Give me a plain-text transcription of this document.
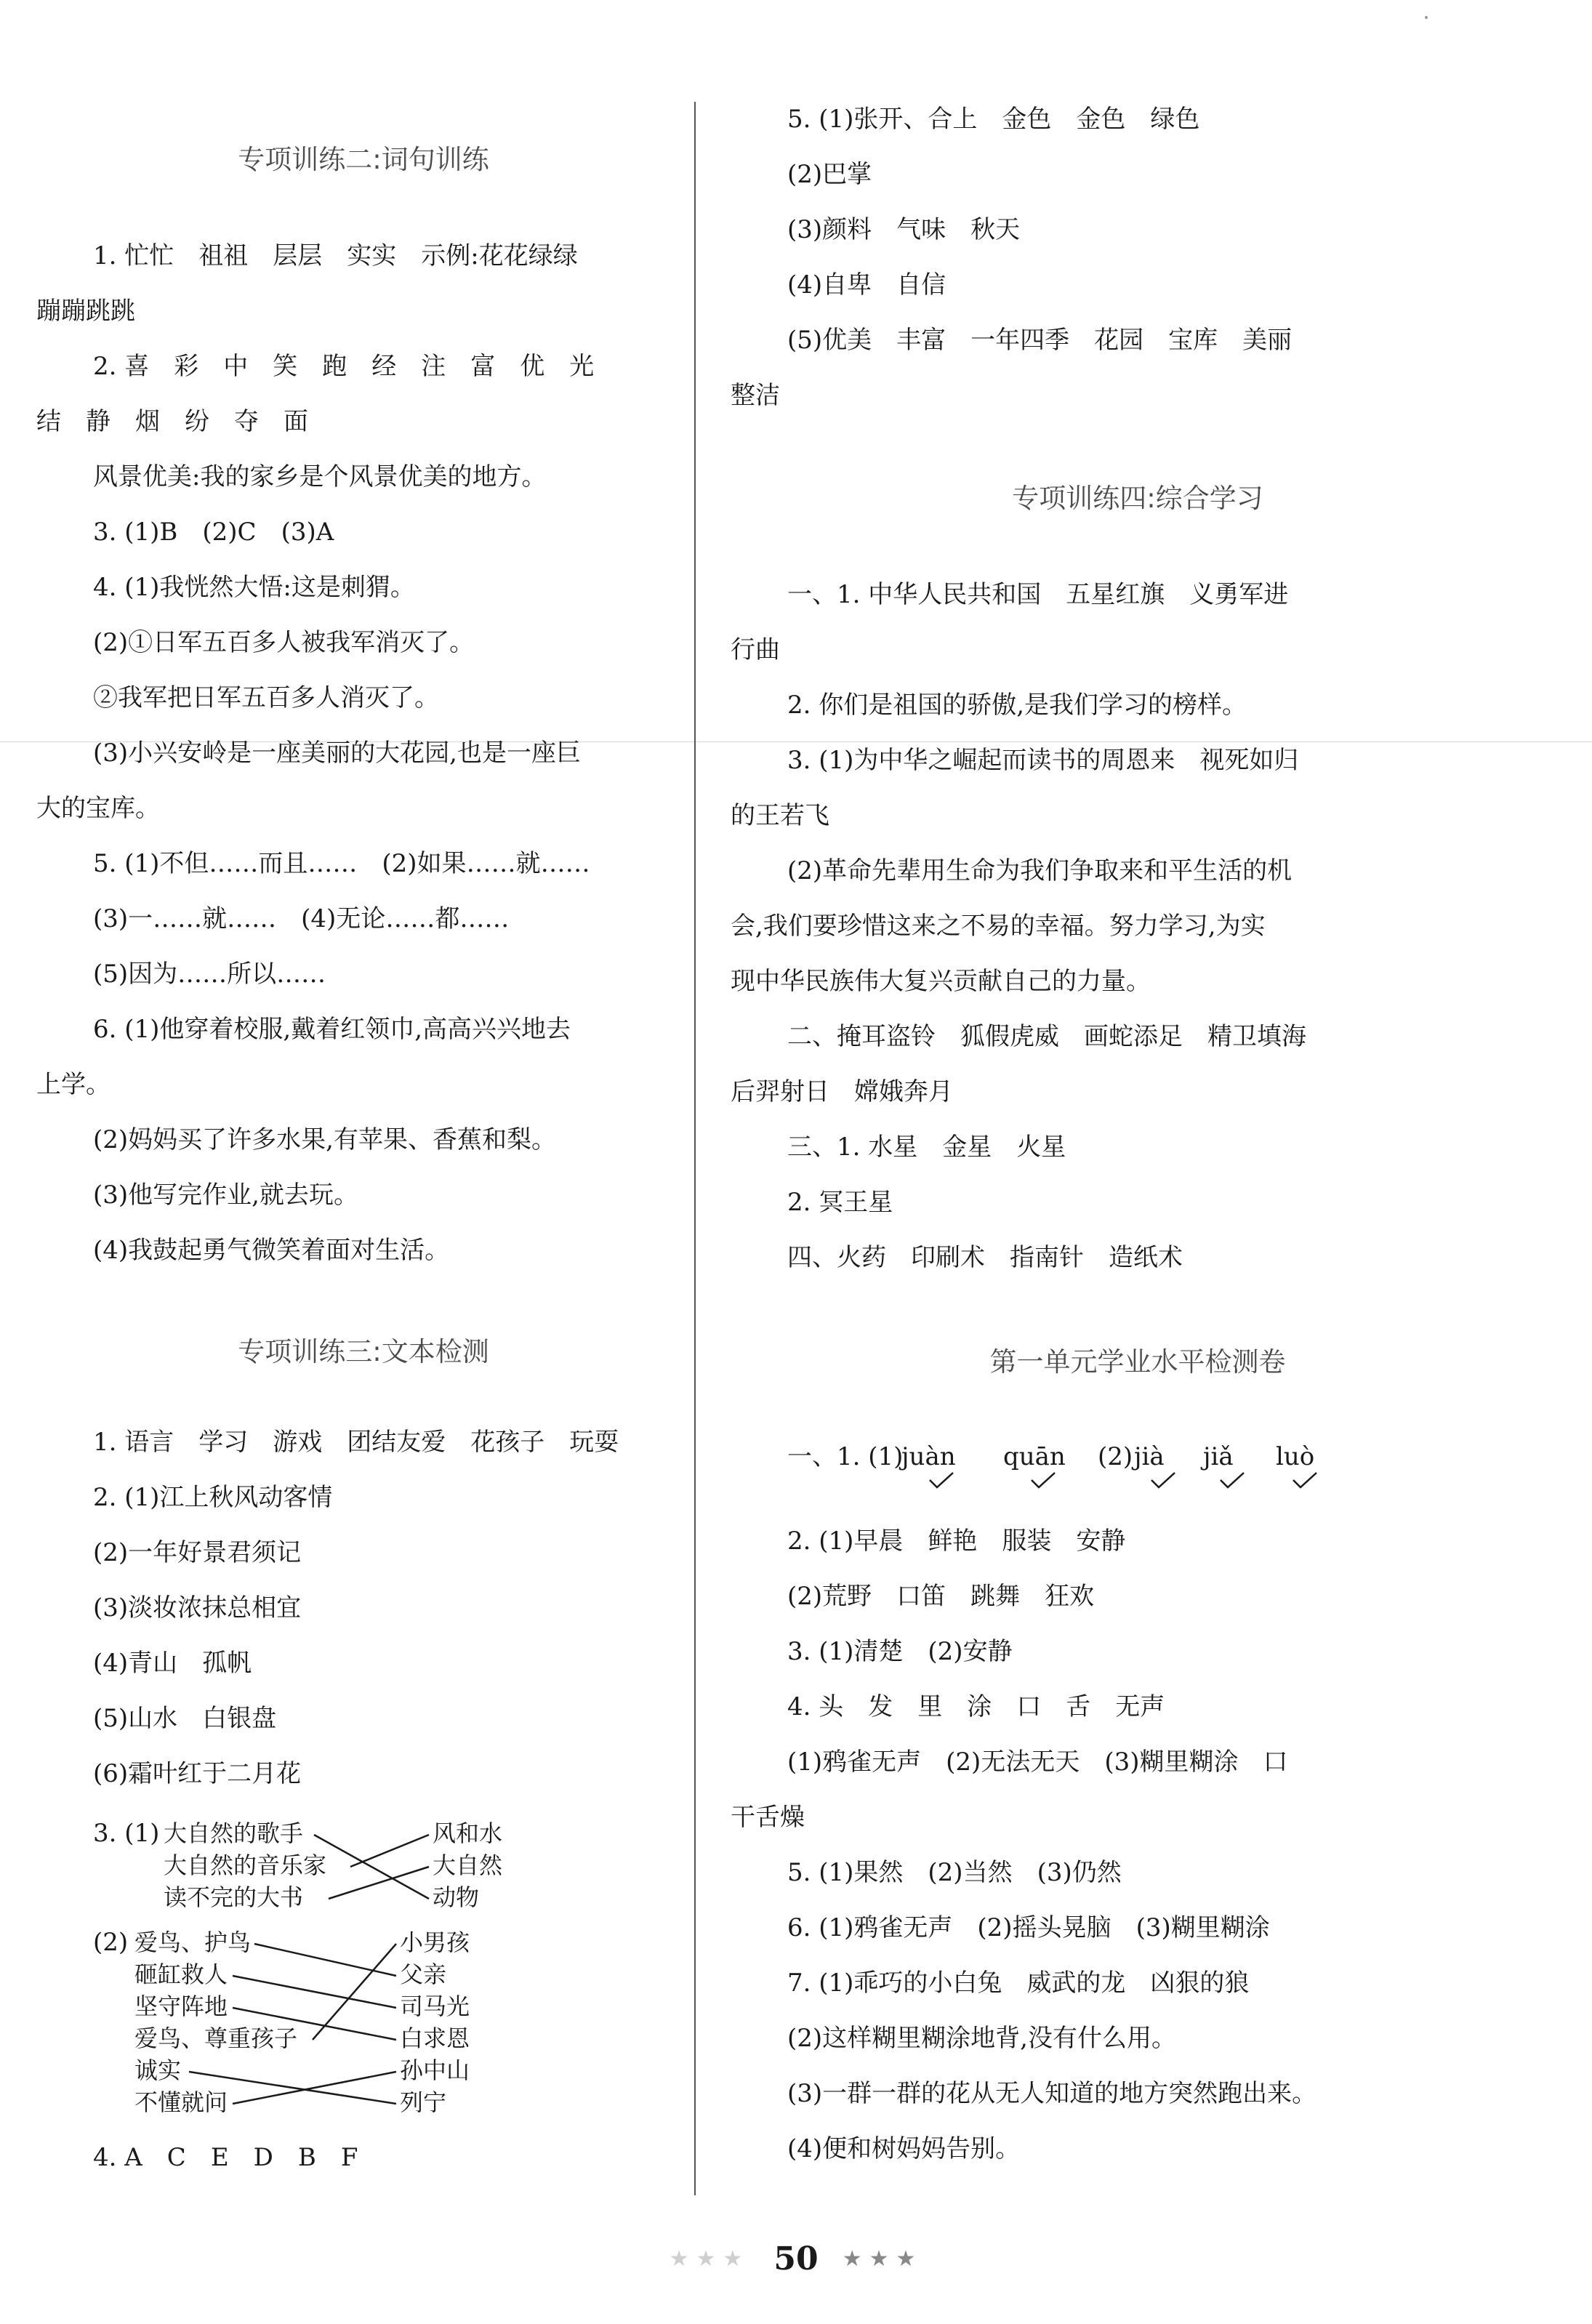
专项训练二:词句训练
1. 忙忙　祖祖　层层　实实　示例:花花绿绿
蹦蹦跳跳
2. 喜　彩　中　笑　跑　经　注　富　优　光
结　静　烟　纷　夺　面
风景优美:我的家乡是个风景优美的地方。
3. (1)B　(2)C　(3)A
4. (1)我恍然大悟:这是刺猬。
(2)①日军五百多人被我军消灭了。
②我军把日军五百多人消灭了。
(3)小兴安岭是一座美丽的大花园,也是一座巨
大的宝库。
5. (1)不但……而且……　(2)如果……就……
(3)一……就……　(4)无论……都……
(5)因为……所以……
6. (1)他穿着校服,戴着红领巾,高高兴兴地去
上学。
(2)妈妈买了许多水果,有苹果、香蕉和梨。
(3)他写完作业,就去玩。
(4)我鼓起勇气微笑着面对生活。
专项训练三:文本检测
1. 语言　学习　游戏　团结友爱　花孩子　玩耍
2. (1)江上秋风动客情
(2)一年好景君须记
(3)淡妆浓抹总相宜
(4)青山　孤帆
(5)山水　白银盘
(6)霜叶红于二月花
3. (1) 大自然的歌手
大自然的音乐家
读不完的大书
风和水
大自然
动物
(2) 爱鸟、护鸟
砸缸救人
坚守阵地
爱鸟、尊重孩子
诚实
不懂就问
小男孩
父亲
司马光
白求恩
孙中山
列宁
4. A　C　E　D　B　F
5. (1)张开、合上　金色　金色　绿色
(2)巴掌
(3)颜料　气味　秋天
(4)自卑　自信
(5)优美　丰富　一年四季　花园　宝库　美丽
整洁
专项训练四:综合学习
一、1. 中华人民共和国　五星红旗　义勇军进
行曲
2. 你们是祖国的骄傲,是我们学习的榜样。
3. (1)为中华之崛起而读书的周恩来　视死如归
的王若飞
(2)革命先辈用生命为我们争取来和平生活的机
会,我们要珍惜这来之不易的幸福。努力学习,为实
现中华民族伟大复兴贡献自己的力量。
二、掩耳盗铃　狐假虎威　画蛇添足　精卫填海
后羿射日　嫦娥奔月
三、1. 水星　金星　火星
2. 冥王星
四、火药　印刷术　指南针　造纸术
第一单元学业水平检测卷
一、1. (1)
juàn quān (2) jià jiǎ luò
2. (1)早晨　鲜艳　服装　安静
(2)荒野　口笛　跳舞　狂欢
3. (1)清楚　(2)安静
4. 头　发　里　涂　口　舌　无声
(1)鸦雀无声　(2)无法无天　(3)糊里糊涂　口
干舌燥
5. (1)果然　(2)当然　(3)仍然
6. (1)鸦雀无声　(2)摇头晃脑　(3)糊里糊涂
7. (1)乖巧的小白兔　威武的龙　凶狠的狼
(2)这样糊里糊涂地背,没有什么用。
(3)一群一群的花从无人知道的地方突然跑出来。
(4)便和树妈妈告别。
★★★ 50 ★★★
